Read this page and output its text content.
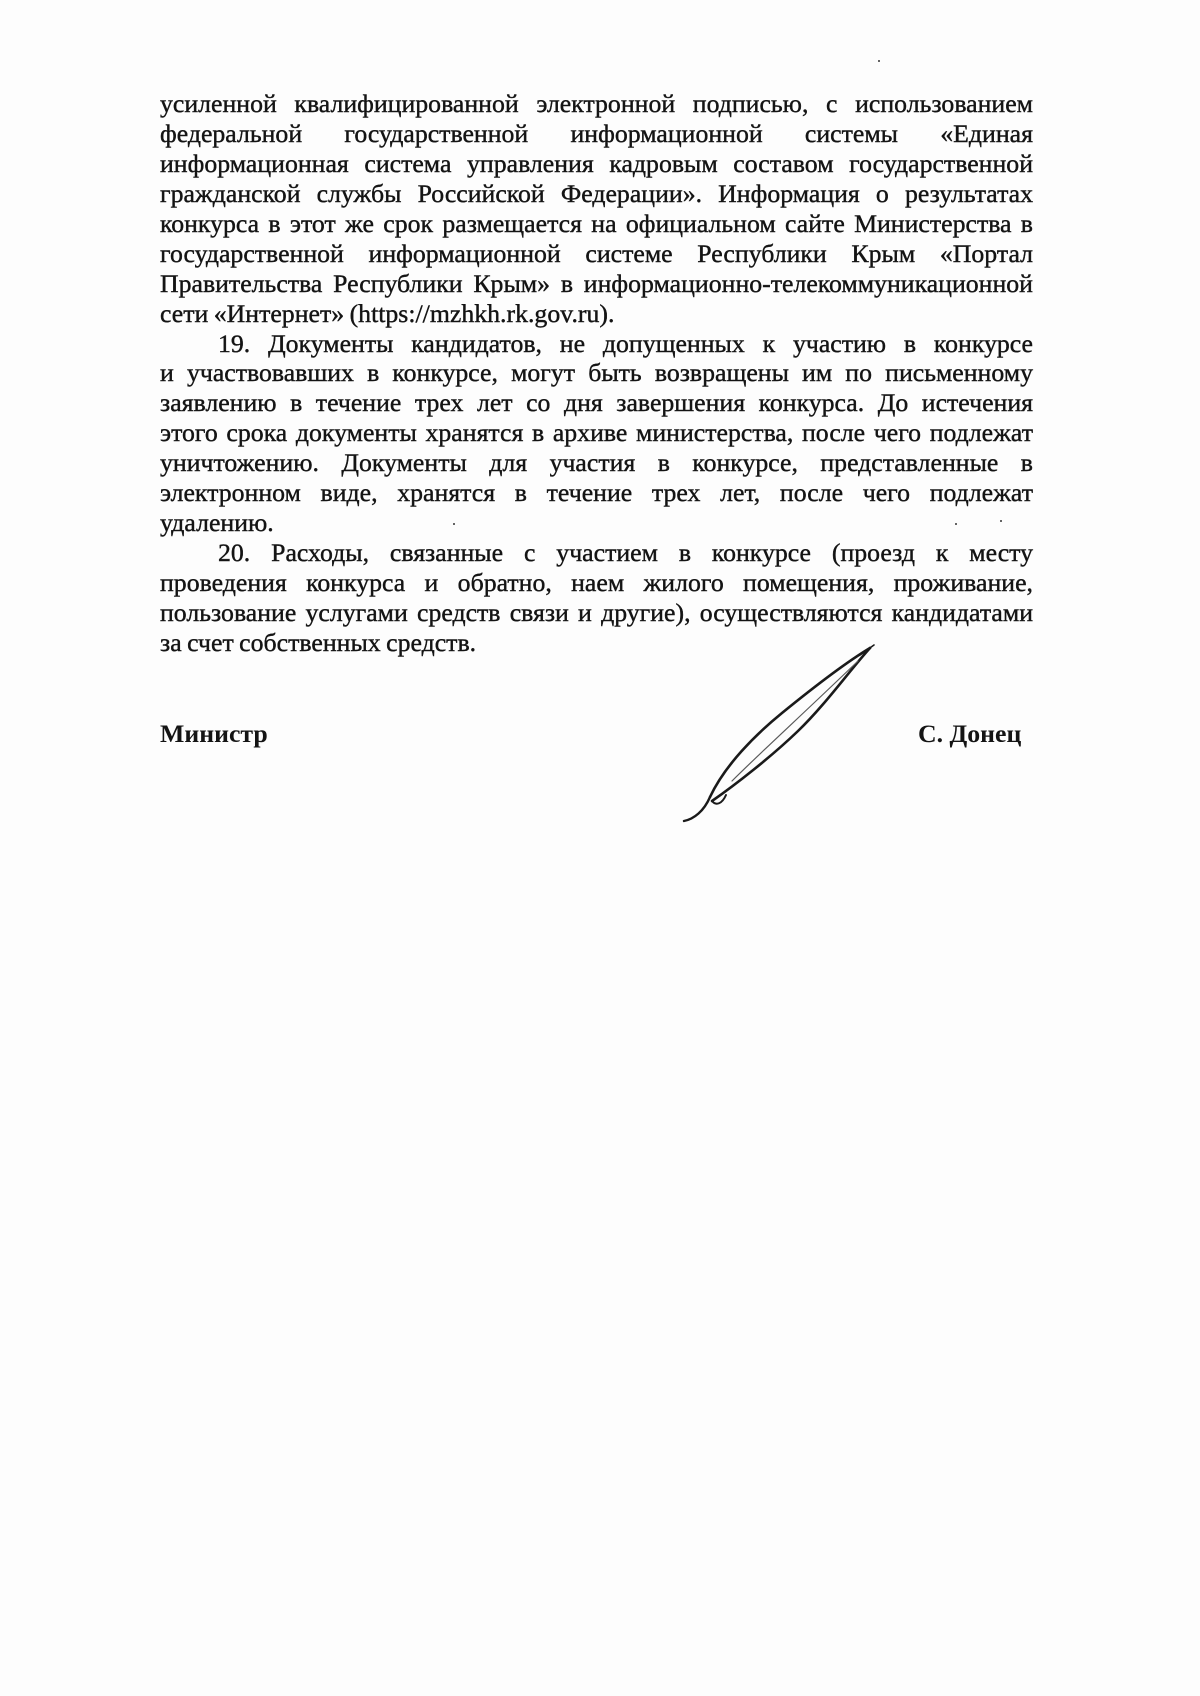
усиленной квалифицированной электронной подписью, с использованием
федеральной государственной информационной системы «Единая
информационная система управления кадровым составом государственной
гражданской службы Российской Федерации». Информация о результатах
конкурса в этот же срок размещается на официальном сайте Министерства в
государственной информационной системе Республики Крым «Портал
Правительства Республики Крым» в информационно-телекоммуникационной
сети «Интернет» (https://mzhkh.rk.gov.ru).
19. Документы кандидатов, не допущенных к участию в конкурсе
и участвовавших в конкурсе, могут быть возвращены им по письменному
заявлению в течение трех лет со дня завершения конкурса. До истечения
этого срока документы хранятся в архиве министерства, после чего подлежат
уничтожению. Документы для участия в конкурсе, представленные в
электронном виде, хранятся в течение трех лет, после чего подлежат
удалению.
20. Расходы, связанные с участием в конкурсе (проезд к месту
проведения конкурса и обратно, наем жилого помещения, проживание,
пользование услугами средств связи и другие), осуществляются кандидатами
за счет собственных средств.
Министр	С. Донец
